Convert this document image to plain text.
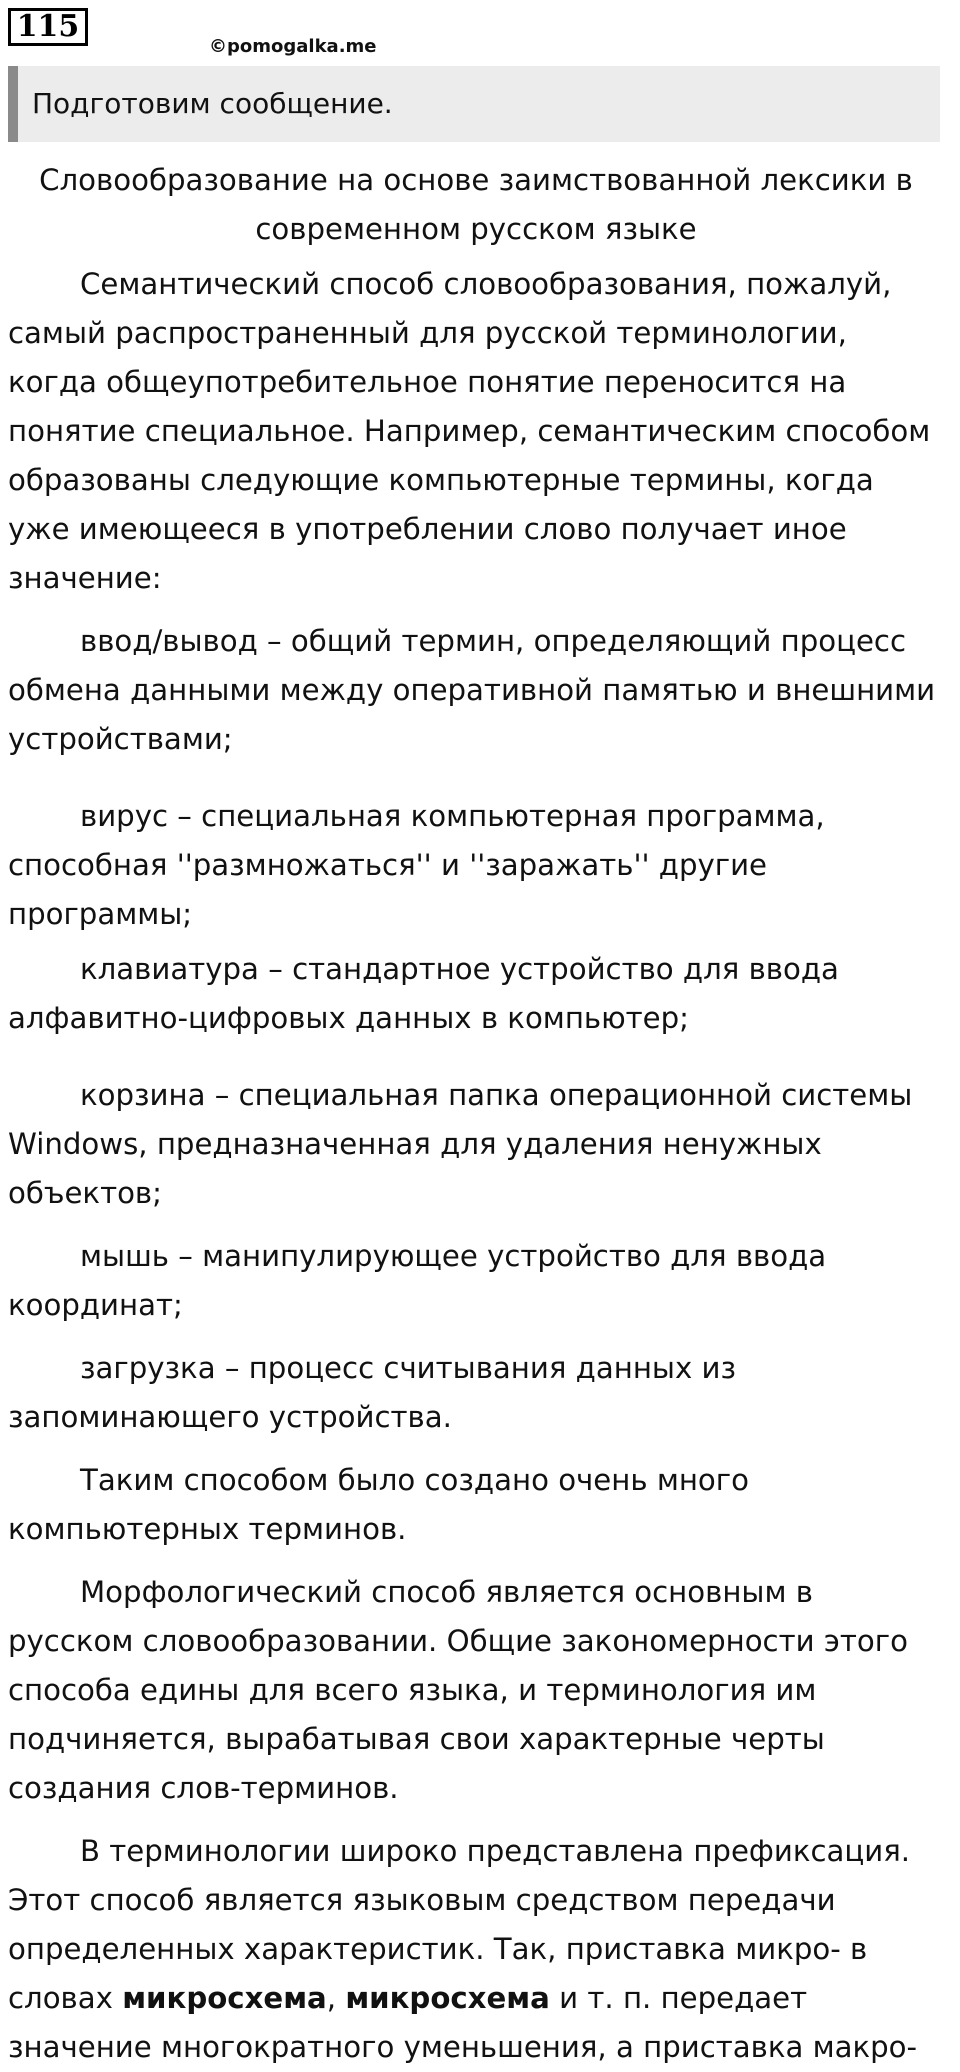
115
©pomogalka.me
Подготовим сообщение.

Словообразование на основе заимствованной лексики в современном русском языке

Семантический способ словообразования, пожалуй, самый распространенный для русской терминологии, когда общеупотребительное понятие переносится на понятие специальное. Например, семантическим способом образованы следующие компьютерные термины, когда уже имеющееся в употреблении слово получает иное значение:

ввод/вывод – общий термин, определяющий процесс обмена данными между оперативной памятью и внешними устройствами;

вирус – специальная компьютерная программа, способная ''размножаться'' и ''заражать'' другие программы;

клавиатура – стандартное устройство для ввода алфавитно-цифровых данных в компьютер;

корзина – специальная папка операционной системы Windows, предназначенная для удаления ненужных объектов;

мышь – манипулирующее устройство для ввода координат;

загрузка – процесс считывания данных из запоминающего устройства.

Таким способом было создано очень много компьютерных терминов.

Морфологический способ является основным в русском словообразовании. Общие закономерности этого способа едины для всего языка, и терминология им подчиняется, вырабатывая свои характерные черты создания слов-терминов.

В терминологии широко представлена префиксация. Этот способ является языковым средством передачи определенных характеристик. Так, приставка микро- в словах микросхема, микросхема и т. п. передает значение многократного уменьшения, а приставка макро-
